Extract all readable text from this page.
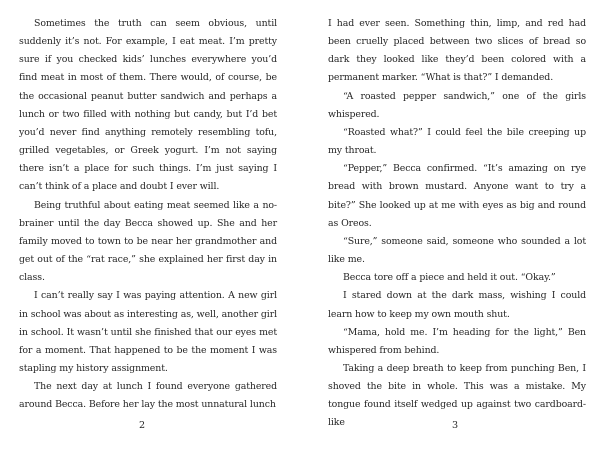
Sometimes the truth can seem obvious, until suddenly it’s not. For example, I eat meat. I’m pretty sure if you checked kids’ lunches everywhere you’d find meat in most of them. There would, of course, be the occasional peanut butter sandwich and perhaps a lunch or two filled with nothing but candy, but I’d bet you’d never find anything remotely resembling tofu, grilled vegetables, or Greek yogurt. I’m not saying there isn’t a place for such things. I’m just saying I can’t think of a place and doubt I ever will.

Being truthful about eating meat seemed like a no-brainer until the day Becca showed up. She and her family moved to town to be near her grandmother and get out of the “rat race,” she explained her first day in class.

I can’t really say I was paying attention. A new girl in school was about as interesting as, well, another girl in school. It wasn’t until she finished that our eyes met for a moment. That happened to be the moment I was stapling my history assignment.

The next day at lunch I found everyone gathered around Becca. Before her lay the most unnatural lunch

2

I had ever seen. Something thin, limp, and red had been cruelly placed between two slices of bread so dark they looked like they’d been colored with a permanent marker. “What is that?” I demanded.

“A roasted pepper sandwich,” one of the girls whispered.

“Roasted what?” I could feel the bile creeping up my throat.

“Pepper,” Becca confirmed. “It’s amazing on rye bread with brown mustard. Anyone want to try a bite?” She looked up at me with eyes as big and round as Oreos.

“Sure,” someone said, someone who sounded a lot like me.

Becca tore off a piece and held it out. “Okay.”

I stared down at the dark mass, wishing I could learn how to keep my own mouth shut.

“Mama, hold me. I’m heading for the light,” Ben whispered from behind.

Taking a deep breath to keep from punching Ben, I shoved the bite in whole. This was a mistake. My tongue found itself wedged up against two cardboard-like	3
